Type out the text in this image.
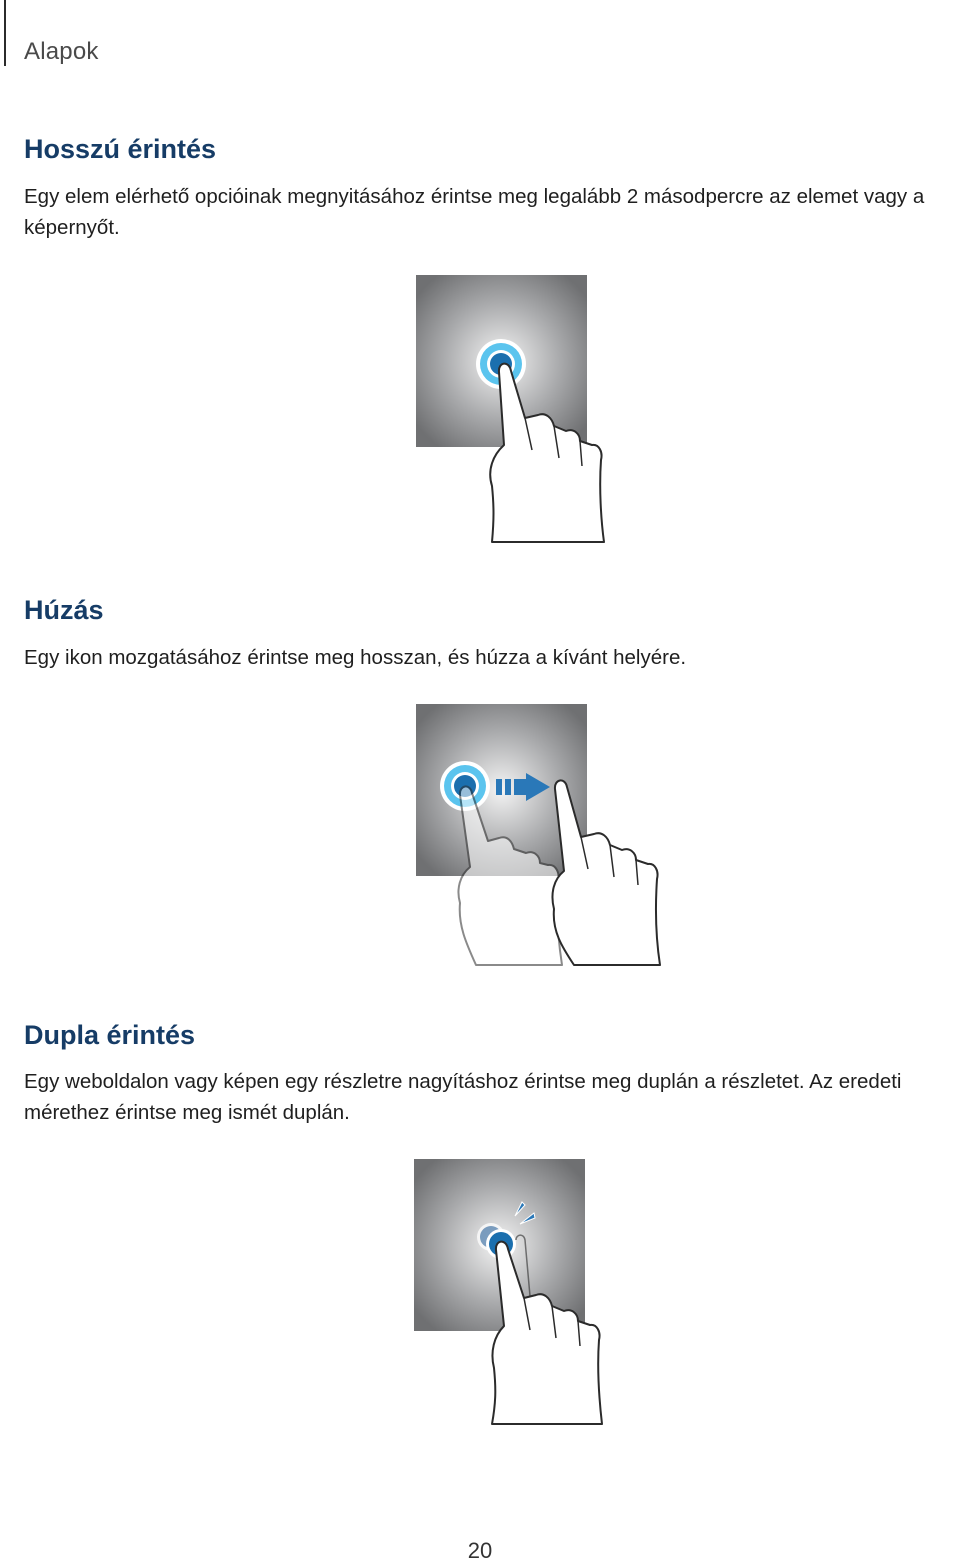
Alapok
Hosszú érintés

Egy elem elérhető opcióinak megnyitásához érintse meg legalább 2 másodpercre az elemet vagy a képernyőt.

Húzás

Egy ikon mozgatásához érintse meg hosszan, és húzza a kívánt helyére.

Dupla érintés

Egy weboldalon vagy képen egy részletre nagyításhoz érintse meg duplán a részletet. Az eredeti mérethez érintse meg ismét duplán.

20
